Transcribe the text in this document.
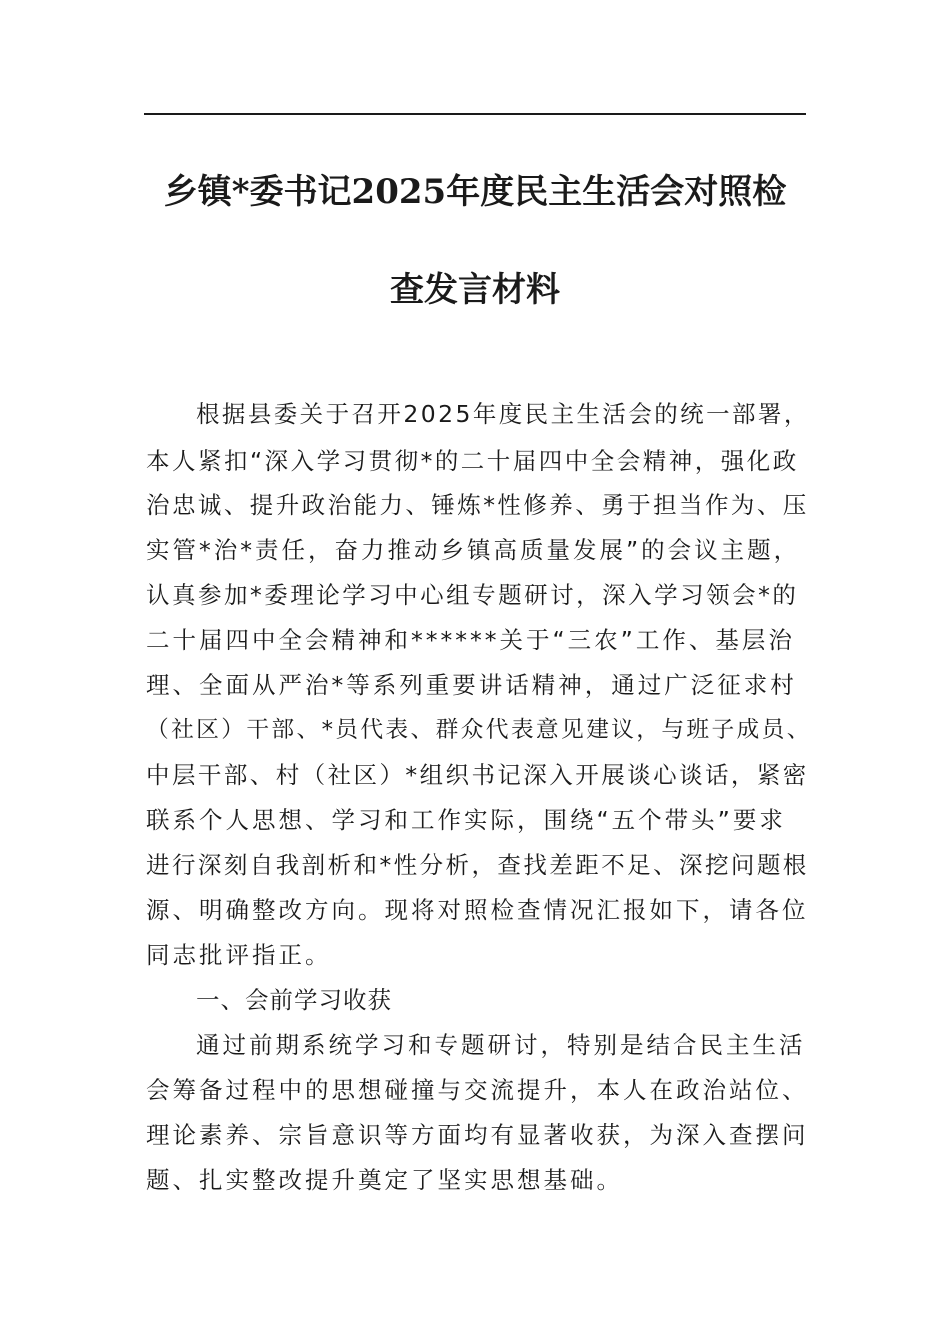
乡镇*委书记2025年度民主生活会对照检
查发言材料
根据县委关于召开2025年度民主生活会的统一部署，
本人紧扣“深入学习贯彻*的二十届四中全会精神，强化政
治忠诚、提升政治能力、锤炼*性修养、勇于担当作为、压
实管*治*责任，奋力推动乡镇高质量发展”的会议主题，
认真参加*委理论学习中心组专题研讨，深入学习领会*的
二十届四中全会精神和******关于“三农”工作、基层治
理、全面从严治*等系列重要讲话精神，通过广泛征求村
（社区）干部、*员代表、群众代表意见建议，与班子成员、
中层干部、村（社区）*组织书记深入开展谈心谈话，紧密
联系个人思想、学习和工作实际，围绕“五个带头”要求
进行深刻自我剖析和*性分析，查找差距不足、深挖问题根
源、明确整改方向。现将对照检查情况汇报如下，请各位
同志批评指正。
一、会前学习收获
通过前期系统学习和专题研讨，特别是结合民主生活
会筹备过程中的思想碰撞与交流提升，本人在政治站位、
理论素养、宗旨意识等方面均有显著收获，为深入查摆问
题、扎实整改提升奠定了坚实思想基础。
